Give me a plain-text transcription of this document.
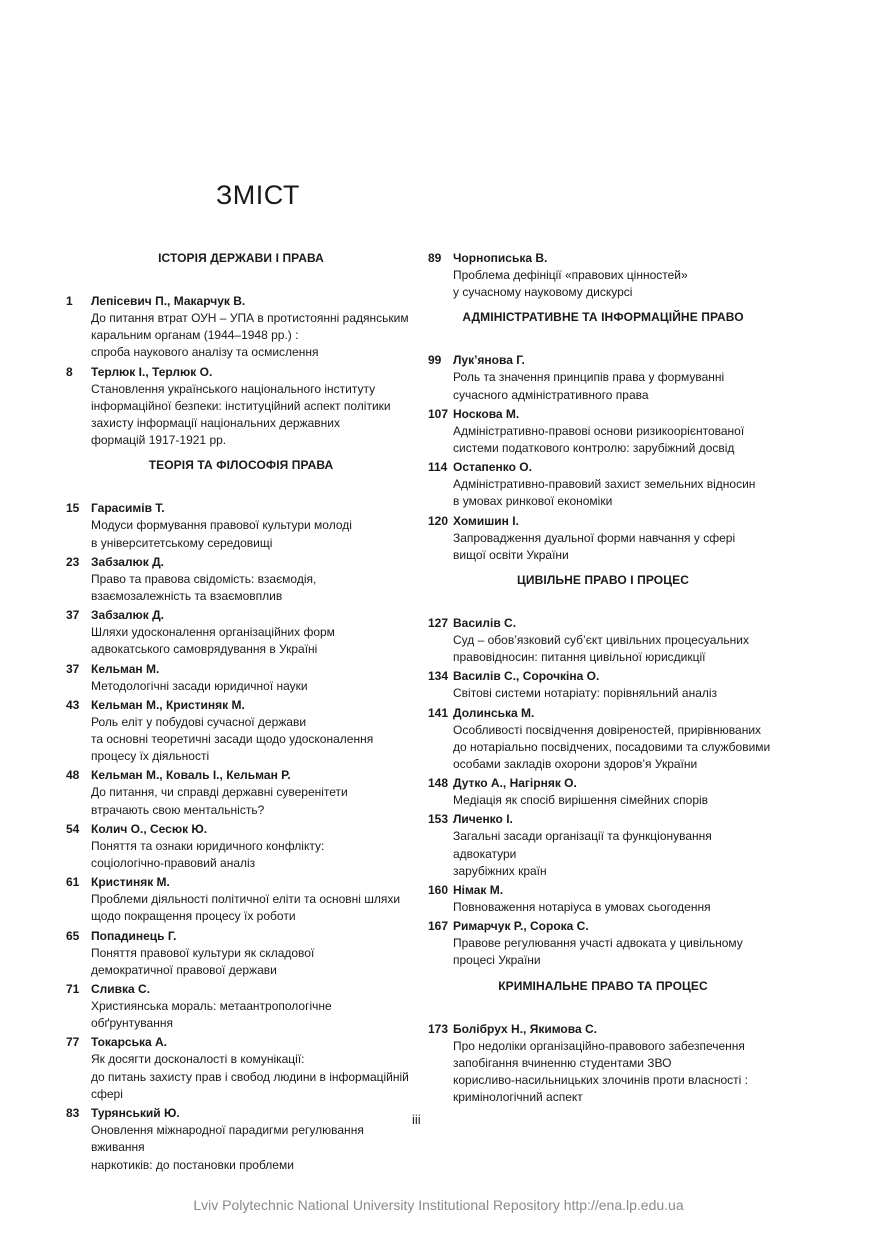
ЗМІСТ
ІСТОРІЯ ДЕРЖАВИ І ПРАВА
1 Лепісевич П., Макарчук В.
До питання втрат ОУН – УПА в протистоянні радянським
каральним органам (1944–1948 рр.) :
спроба наукового аналізу та осмислення
8 Терлюк І., Терлюк О.
Становлення українського національного інституту
інформаційної безпеки: інституційний аспект політики
захисту інформації національних державних
формацій 1917-1921 рр.
ТЕОРІЯ ТА ФІЛОСОФІЯ ПРАВА
15 Гарасимів Т.
Модуси формування правової культури молоді
в університетському середовищі
23 Забзалюк Д.
Право та правова свідомість: взаємодія,
взаємозалежність та взаємовплив
37 Забзалюк Д.
Шляхи удосконалення організаційних форм
адвокатського самоврядування в Україні
37 Кельман М.
Методологічні засади юридичної науки
43 Кельман М., Кристиняк М.
Роль еліт у побудові сучасної держави
та основні теоретичні засади щодо удосконалення
процесу їх діяльності
48 Кельман М., Коваль І., Кельман Р.
До питання, чи справді державні суверенітети
втрачають свою ментальність?
54 Колич О., Сесюк Ю.
Поняття та ознаки юридичного конфлікту:
соціологічно-правовий аналіз
61 Кристиняк М.
Проблеми діяльності політичної еліти та основні шляхи
щодо покращення процесу їх роботи
65 Попадинець Г.
Поняття правової культури як складової
демократичної правової держави
71 Сливка С.
Християнська мораль: метаантропологічне обґрунтування
77 Токарська А.
Як досягти досконалості в комунікації:
до питань захисту прав і свобод людини в інформаційній сфері
83 Турянський Ю.
Оновлення міжнародної парадигми регулювання вживання
наркотиків: до постановки проблеми
89 Чорнописька В.
Проблема дефініції «правових цінностей»
у сучасному науковому дискурсі
АДМІНІСТРАТИВНЕ ТА ІНФОРМАЦІЙНЕ ПРАВО
99 Лук’янова Г.
Роль та значення принципів права у формуванні
сучасного адміністративного права
107 Носкова М.
Адміністративно-правові основи ризикоорієнтованої
системи податкового контролю: зарубіжний досвід
114 Остапенко О.
Адміністративно-правовий захист земельних відносин
в умовах ринкової економіки
120 Хомишин І.
Запровадження дуальної форми навчання у сфері
вищої освіти України
ЦИВІЛЬНЕ ПРАВО І ПРОЦЕС
127 Василів С.
Суд – обов’язковий суб’єкт цивільних процесуальних
правовідносин: питання цивільної юрисдикції
134 Василів С., Сорочкіна О.
Світові системи нотаріату: порівняльний аналіз
141 Долинська М.
Особливості посвідчення довіреностей, прирівнюваних
до нотаріально посвідчених, посадовими та службовими
особами закладів охорони здоров’я України
148 Дутко А., Нагірняк О.
Медіація як спосіб вирішення сімейних спорів
153 Личенко І.
Загальні засади організації та функціонування адвокатури
зарубіжних країн
160 Німак М.
Повноваження нотаріуса в умовах сьогодення
167 Римарчук Р., Сорока С.
Правове регулювання участі адвоката у цивільному
процесі України
КРИМІНАЛЬНЕ ПРАВО ТА ПРОЦЕС
173 Болібрух Н., Якимова С.
Про недоліки організаційно-правового забезпечення
запобігання вчиненню студентами ЗВО
корисливо-насильницьких злочинів проти власності :
кримінологічний аспект
iii
Lviv Polytechnic National University Institutional Repository http://ena.lp.edu.ua
